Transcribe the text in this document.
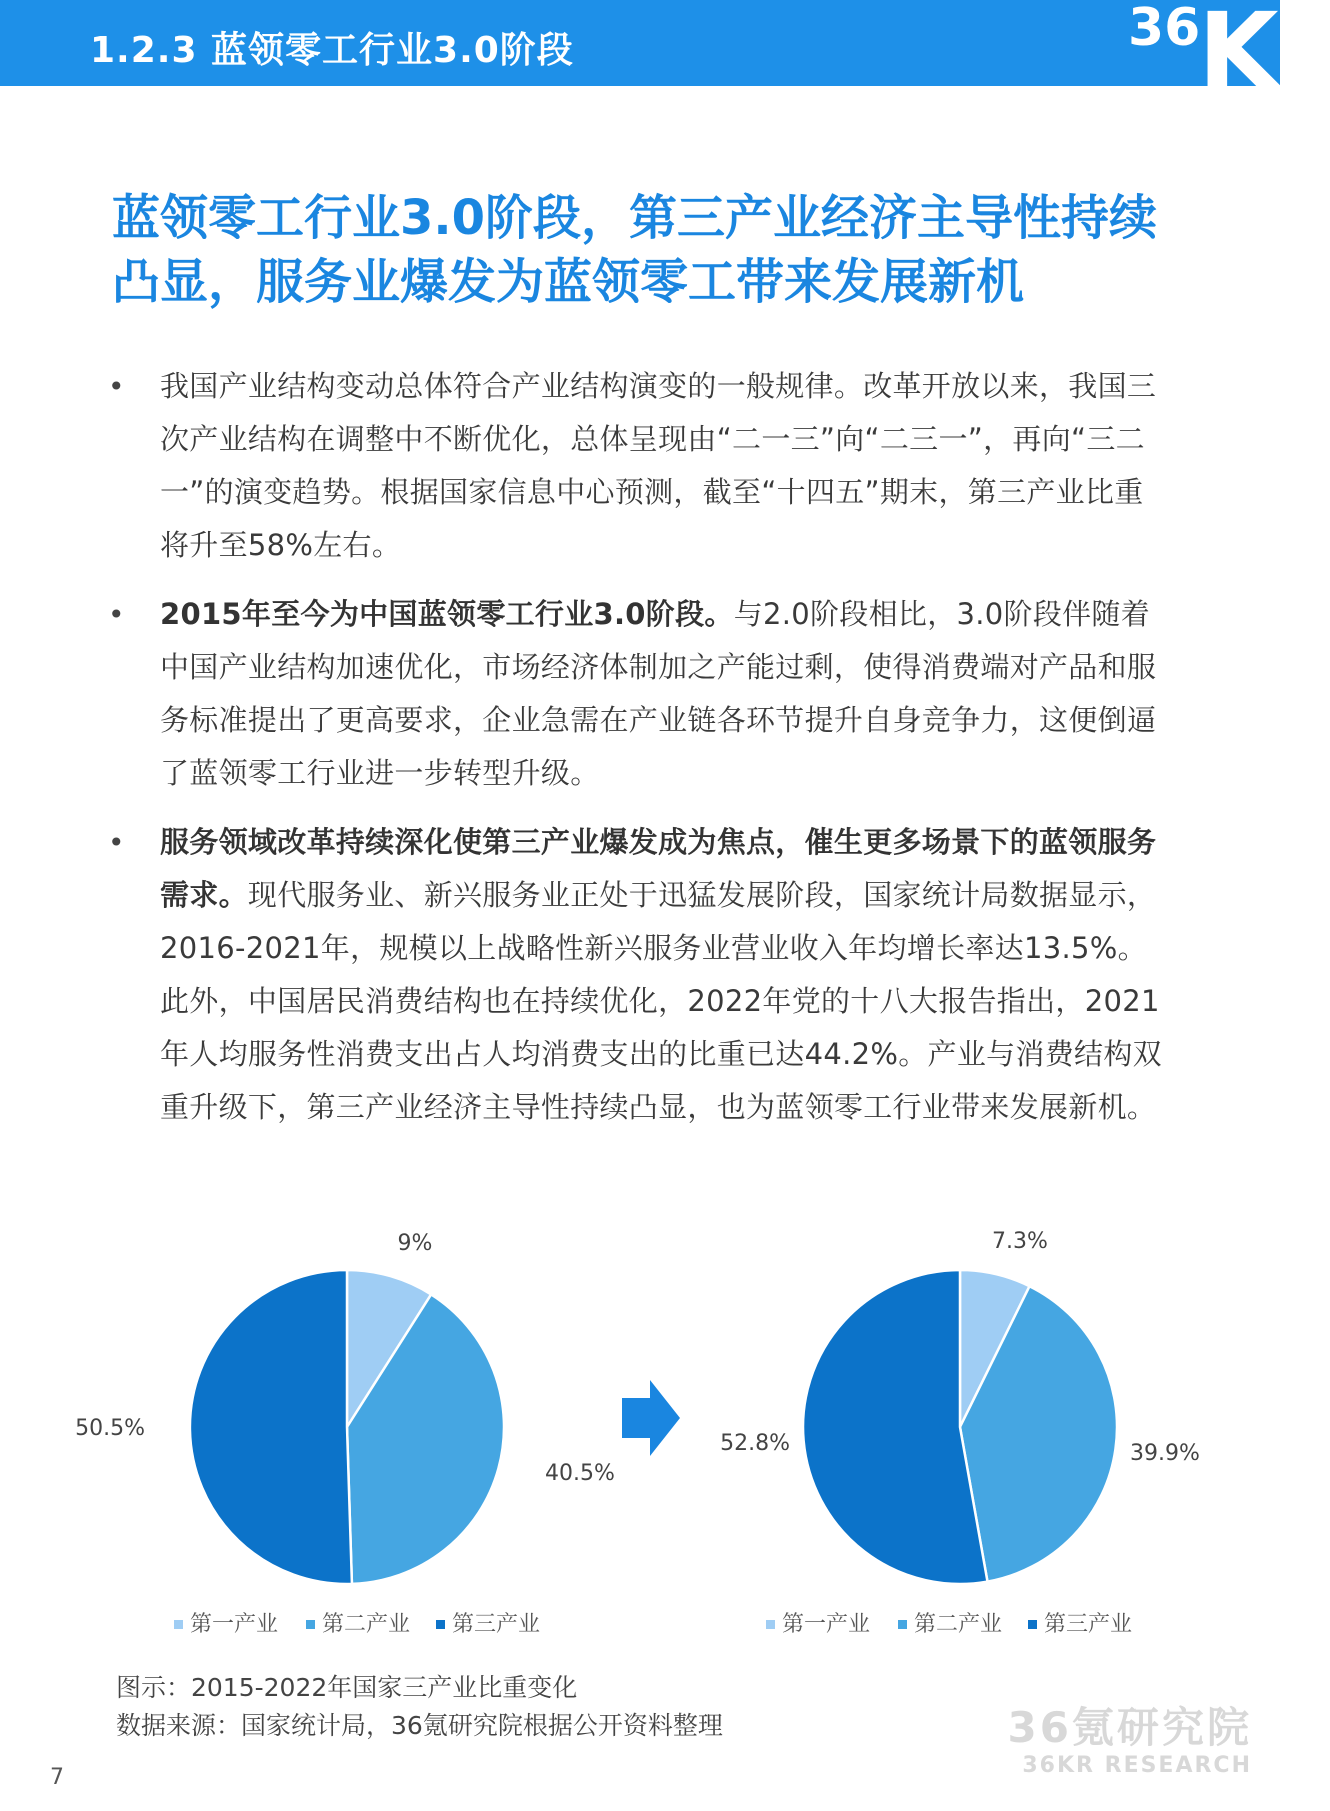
1.2.3 蓝领零工行业3.0阶段	36
Kr
蓝领零工行业3.0阶段，第三产业经济主导性持续凸显，服务业爆发为蓝领零工带来发展新机
• 我国产业结构变动总体符合产业结构演变的一般规律。改革开放以来，我国三次产业结构在调整中不断优化，总体呈现由“二一三”向“二三一”，再向“三二一”的演变趋势。根据国家信息中心预测，截至“十四五”期末，第三产业比重将升至58%左右。
• 2015年至今为中国蓝领零工行业3.0阶段。与2.0阶段相比，3.0阶段伴随着中国产业结构加速优化，市场经济体制加之产能过剩，使得消费端对产品和服务标准提出了更高要求，企业急需在产业链各环节提升自身竞争力，这便倒逼了蓝领零工行业进一步转型升级。
• 服务领域改革持续深化使第三产业爆发成为焦点，催生更多场景下的蓝领服务需求。现代服务业、新兴服务业正处于迅猛发展阶段，国家统计局数据显示，2016-2021年，规模以上战略性新兴服务业营业收入年均增长率达13.5%。此外，中国居民消费结构也在持续优化，2022年党的十八大报告指出，2021年人均服务性消费支出占人均消费支出的比重已达44.2%。产业与消费结构双重升级下，第三产业经济主导性持续凸显，也为蓝领零工行业带来发展新机。
9%
40.5%
50.5%
7.3%
39.9%
52.8%
第一产业 第二产业 第三产业	第一产业 第二产业 第三产业
图示：2015-2022年国家三产业比重变化
数据来源：国家统计局，36氪研究院根据公开资料整理
7
36氪研究院
36KR RESEARCH
